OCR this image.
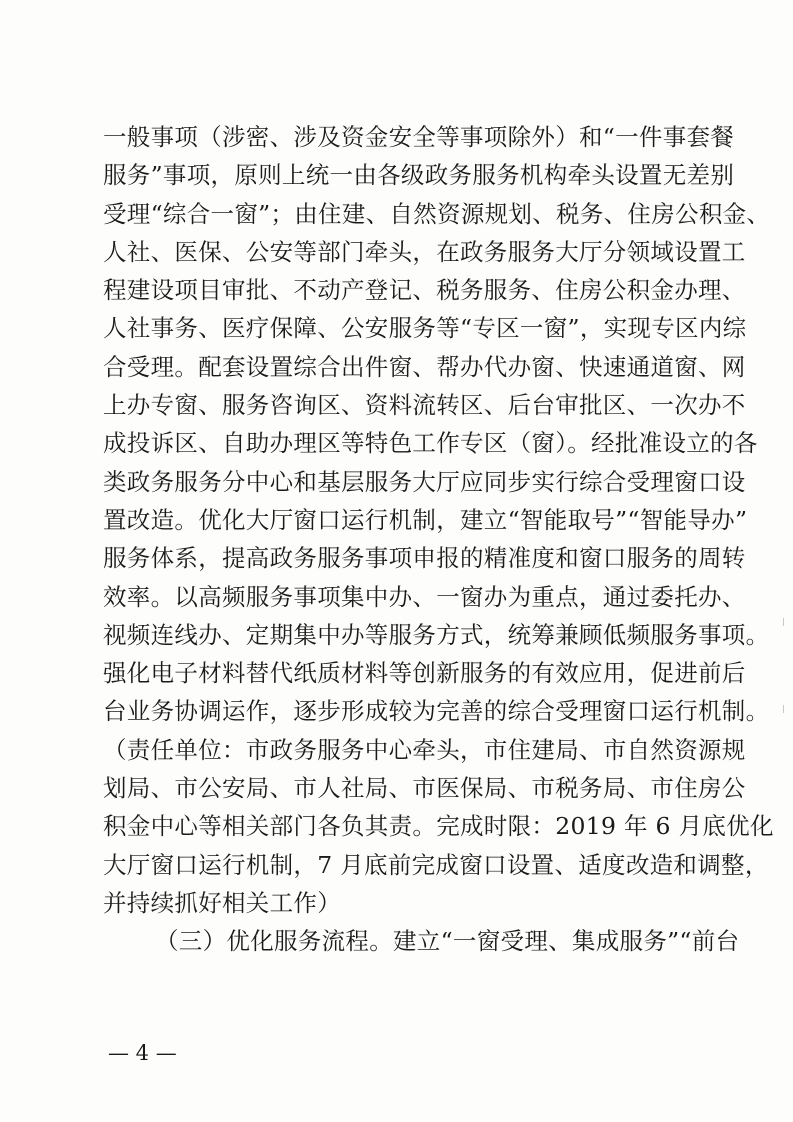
一般事项（涉密、涉及资金安全等事项除外）和“一件事套餐
服务”事项，原则上统一由各级政务服务机构牵头设置无差别
受理“综合一窗”；由住建、自然资源规划、税务、住房公积金、
人社、医保、公安等部门牵头，在政务服务大厅分领域设置工
程建设项目审批、不动产登记、税务服务、住房公积金办理、
人社事务、医疗保障、公安服务等“专区一窗”，实现专区内综
合受理。配套设置综合出件窗、帮办代办窗、快速通道窗、网
上办专窗、服务咨询区、资料流转区、后台审批区、一次办不
成投诉区、自助办理区等特色工作专区（窗）。经批准设立的各
类政务服务分中心和基层服务大厅应同步实行综合受理窗口设
置改造。优化大厅窗口运行机制，建立“智能取号”“智能导办”
服务体系，提高政务服务事项申报的精准度和窗口服务的周转
效率。以高频服务事项集中办、一窗办为重点，通过委托办、
视频连线办、定期集中办等服务方式，统筹兼顾低频服务事项。
强化电子材料替代纸质材料等创新服务的有效应用，促进前后
台业务协调运作，逐步形成较为完善的综合受理窗口运行机制。
（责任单位：市政务服务中心牵头，市住建局、市自然资源规
划局、市公安局、市人社局、市医保局、市税务局、市住房公
积金中心等相关部门各负其责。完成时限：2019 年 6 月底优化
大厅窗口运行机制，7 月底前完成窗口设置、适度改造和调整，
并持续抓好相关工作）
（三）优化服务流程。建立“一窗受理、集成服务”“前台
— 4 —
